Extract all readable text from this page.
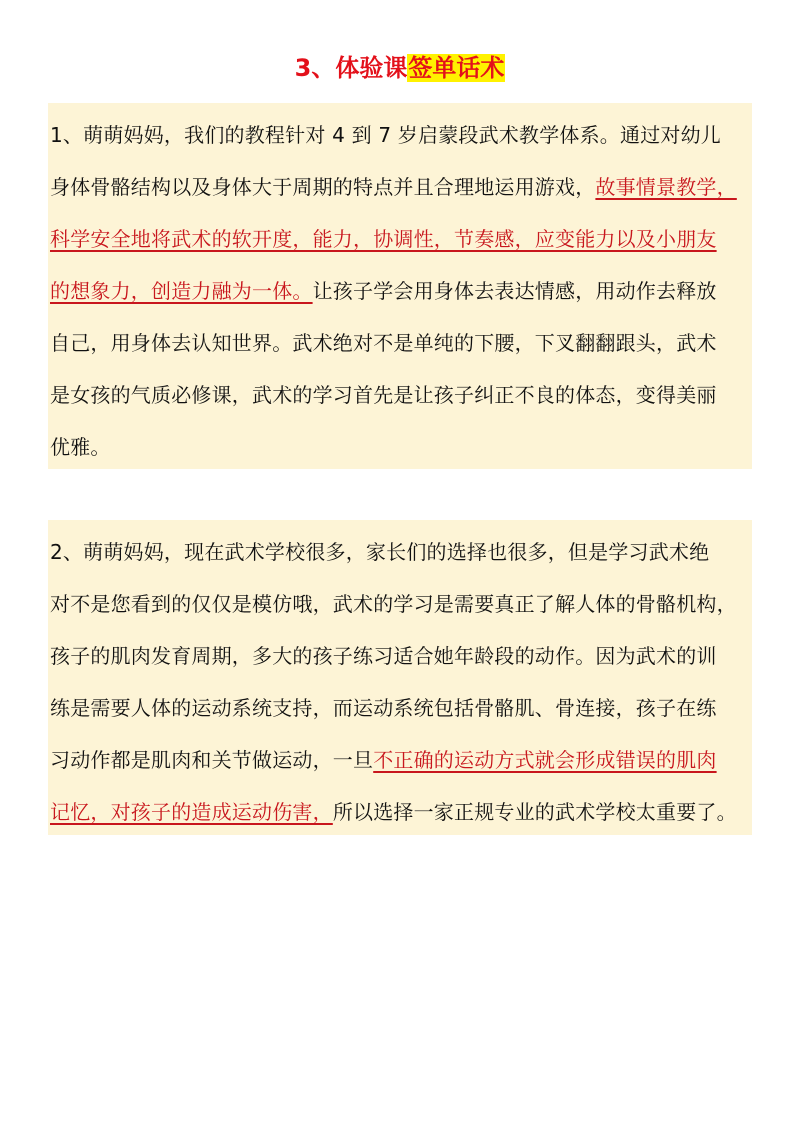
3、体验课签单话术
1、萌萌妈妈，我们的教程针对 4 到 7 岁启蒙段武术教学体系。通过对幼儿
身体骨骼结构以及身体大于周期的特点并且合理地运用游戏，故事情景教学，
科学安全地将武术的软开度，能力，协调性，节奏感，应变能力以及小朋友
的想象力，创造力融为一体。让孩子学会用身体去表达情感，用动作去释放
自己，用身体去认知世界。武术绝对不是单纯的下腰，下叉翻翻跟头，武术
是女孩的气质必修课，武术的学习首先是让孩子纠正不良的体态，变得美丽
优雅。
2、萌萌妈妈，现在武术学校很多，家长们的选择也很多，但是学习武术绝
对不是您看到的仅仅是模仿哦，武术的学习是需要真正了解人体的骨骼机构，
孩子的肌肉发育周期，多大的孩子练习适合她年龄段的动作。因为武术的训
练是需要人体的运动系统支持，而运动系统包括骨骼肌、骨连接，孩子在练
习动作都是肌肉和关节做运动，一旦不正确的运动方式就会形成错误的肌肉
记忆，对孩子的造成运动伤害，所以选择一家正规专业的武术学校太重要了。
